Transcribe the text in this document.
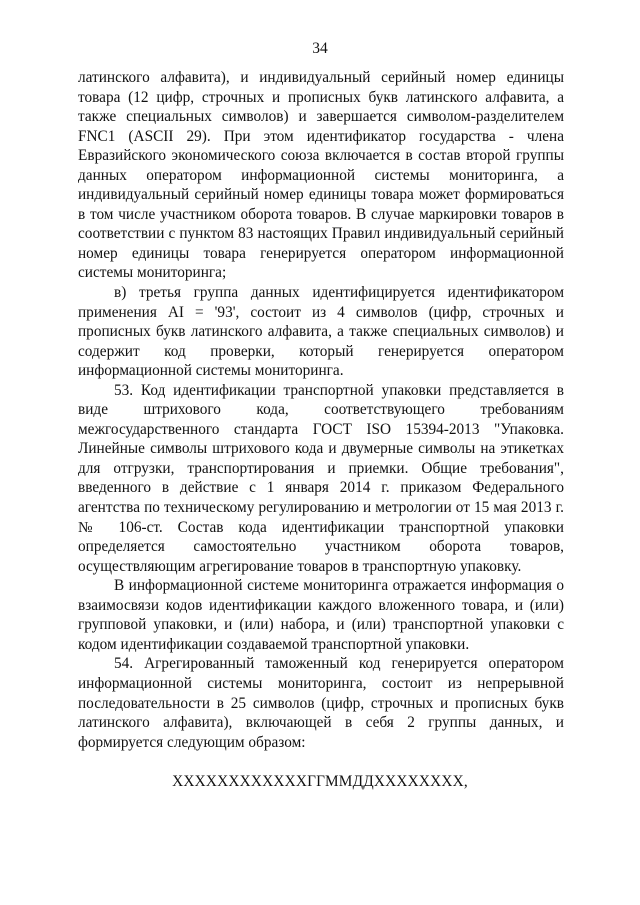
34

латинского алфавита), и индивидуальный серийный номер единицы товара (12 цифр, строчных и прописных букв латинского алфавита, а также специальных символов) и завершается символом-разделителем FNC1 (ASCII 29). При этом идентификатор государства - члена Евразийского экономического союза включается в состав второй группы данных оператором информационной системы мониторинга, а индивидуальный серийный номер единицы товара может формироваться в том числе участником оборота товаров. В случае маркировки товаров в соответствии с пунктом 83 настоящих Правил индивидуальный серийный номер единицы товара генерируется оператором информационной системы мониторинга;

в) третья группа данных идентифицируется идентификатором применения AI = '93', состоит из 4 символов (цифр, строчных и прописных букв латинского алфавита, а также специальных символов) и содержит код проверки, который генерируется оператором информационной системы мониторинга.

53. Код идентификации транспортной упаковки представляется в виде штрихового кода, соответствующего требованиям межгосударственного стандарта ГОСТ ISO 15394-2013 "Упаковка. Линейные символы штрихового кода и двумерные символы на этикетках для отгрузки, транспортирования и приемки. Общие требования", введенного в действие с 1 января 2014 г. приказом Федерального агентства по техническому регулированию и метрологии от 15 мая 2013 г. № 106-ст. Состав кода идентификации транспортной упаковки определяется самостоятельно участником оборота товаров, осуществляющим агрегирование товаров в транспортную упаковку.

В информационной системе мониторинга отражается информация о взаимосвязи кодов идентификации каждого вложенного товара, и (или) групповой упаковки, и (или) набора, и (или) транспортной упаковки с кодом идентификации создаваемой транспортной упаковки.

54. Агрегированный таможенный код генерируется оператором информационной системы мониторинга, состоит из непрерывной последовательности в 25 символов (цифр, строчных и прописных букв латинского алфавита), включающей в себя 2 группы данных, и формируется следующим образом:

XXXXXXXXXXXXГГММДДXXXXXXXX,
